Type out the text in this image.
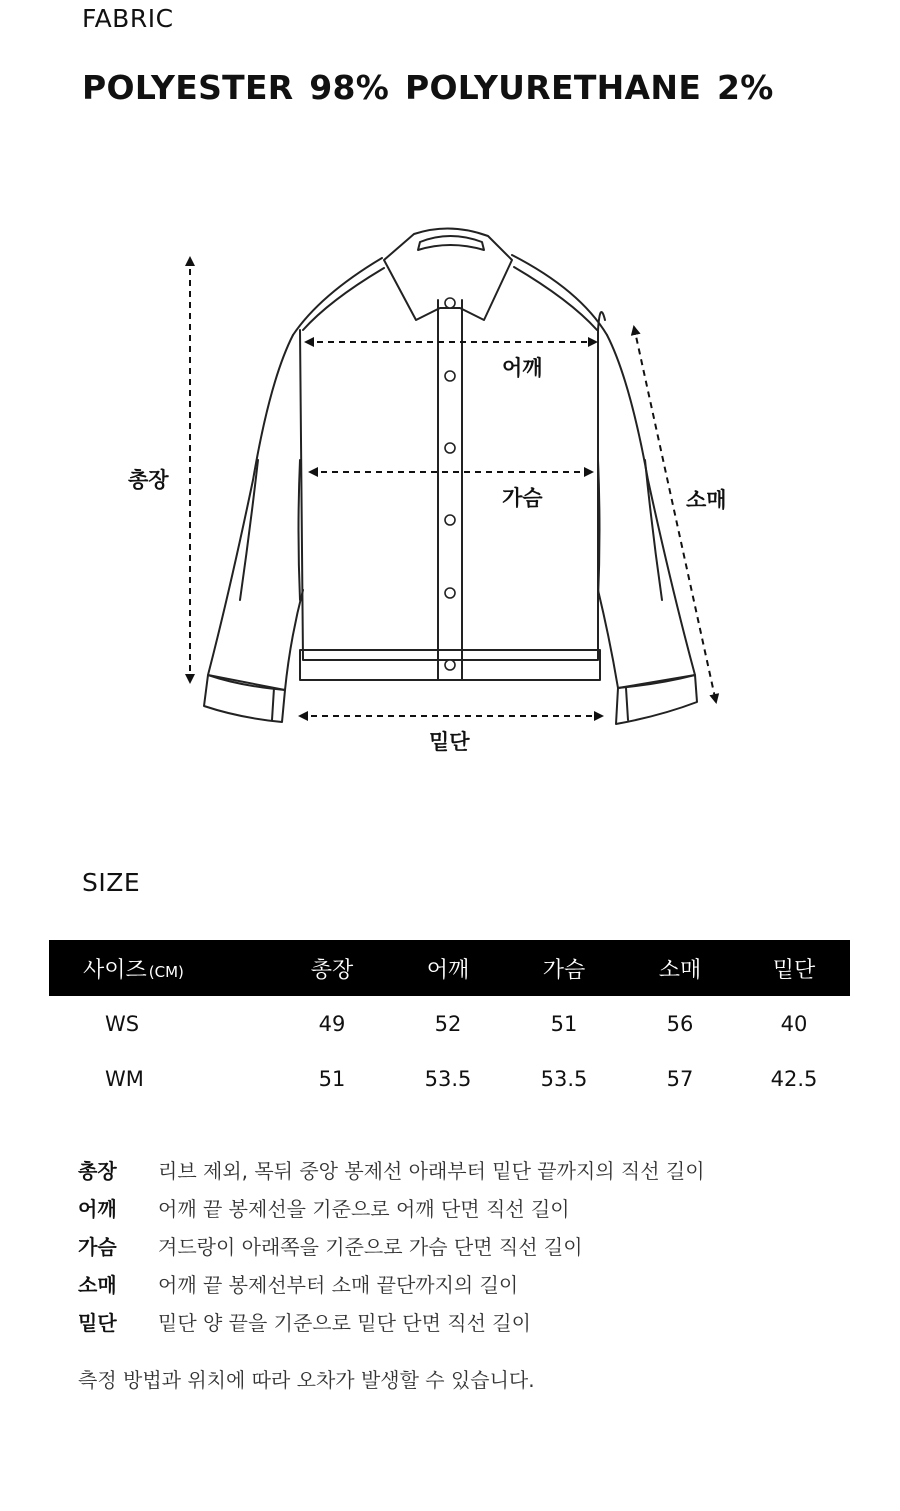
FABRIC
POLYESTER 98% POLYURETHANE 2%
총장
어깨
가슴	소매
밑단
SIZE
사이즈 (CM)	총장	어깨	가슴	소매	밑단
WS	49	52	51	56	40
WM	51	53.5	53.5	57	42.5
총장	리브 제외, 목뒤 중앙 봉제선 아래부터 밑단 끝까지의 직선 길이
어깨	어깨 끝 봉제선을 기준으로 어깨 단면 직선 길이
가슴	겨드랑이 아래쪽을 기준으로 가슴 단면 직선 길이
소매	어깨 끝 봉제선부터 소매 끝단까지의 길이
밑단	밑단 양 끝을 기준으로 밑단 단면 직선 길이
측정 방법과 위치에 따라 오차가 발생할 수 있습니다.
